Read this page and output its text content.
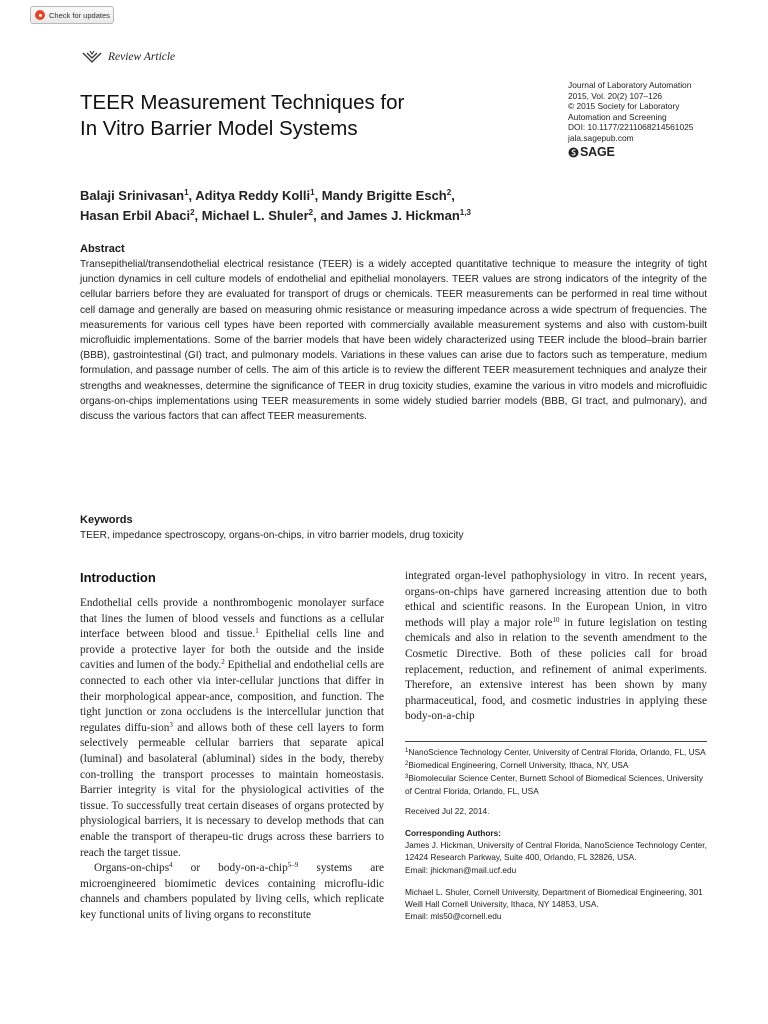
Check for updates
Review Article
TEER Measurement Techniques for
In Vitro Barrier Model Systems
Journal of Laboratory Automation
2015, Vol. 20(2) 107–126
© 2015 Society for Laboratory
Automation and Screening
DOI: 10.1177/2211068214561025
jala.sagepub.com
SAGE
Balaji Srinivasan$^1$, Aditya Reddy Kolli$^1$, Mandy Brigitte Esch$^2$,
Hasan Erbil Abaci$^2$, Michael L. Shuler$^2$, and James J. Hickman$^{1,3}$
Abstract
Transepithelial/transendothelial electrical resistance (TEER) is a widely accepted quantitative technique to measure the integrity of tight junction dynamics in cell culture models of endothelial and epithelial monolayers. TEER values are strong indicators of the integrity of the cellular barriers before they are evaluated for transport of drugs or chemicals. TEER measurements can be performed in real time without cell damage and generally are based on measuring ohmic resistance or measuring impedance across a wide spectrum of frequencies. The measurements for various cell types have been reported with commercially available measurement systems and also with custom-built microfluidic implementations. Some of the barrier models that have been widely characterized using TEER include the blood–brain barrier (BBB), gastrointestinal (GI) tract, and pulmonary models. Variations in these values can arise due to factors such as temperature, medium formulation, and passage number of cells. The aim of this article is to review the different TEER measurement techniques and analyze their strengths and weaknesses, determine the significance of TEER in drug toxicity studies, examine the various in vitro models and microfluidic organs-on-chips implementations using TEER measurements in some widely studied barrier models (BBB, GI tract, and pulmonary), and discuss the various factors that can affect TEER measurements.
Keywords
TEER, impedance spectroscopy, organs-on-chips, in vitro barrier models, drug toxicity
Introduction

Endothelial cells provide a nonthrombogenic monolayer surface that lines the lumen of blood vessels and functions as a cellular interface between blood and tissue.$^1$ Epithelial cells line and provide a protective layer for both the outside and the inside cavities and lumen of the body.$^2$ Epithelial and endothelial cells are connected to each other via inter-cellular junctions that differ in their morphological appear-ance, composition, and function. The tight junction or zona occludens is the intercellular junction that regulates diffu-sion$^3$ and allows both of these cell layers to form selectively permeable cellular barriers that separate apical (luminal) and basolateral (abluminal) sides in the body, thereby con-trolling the transport processes to maintain homeostasis. Barrier integrity is vital for the physiological activities of the tissue. To successfully treat certain diseases of organs protected by physiological barriers, it is necessary to develop methods that can enable the transport of therapeu-tic drugs across these barriers to reach the target tissue.

Organs-on-chips$^4$ or body-on-a-chip$^{5-9}$ systems are microengineered biomimetic devices containing microflu-idic channels and chambers populated by living cells, which replicate key functional units of living organs to reconstitute

integrated organ-level pathophysiology in vitro. In recent years, organs-on-chips have garnered increasing attention due to both ethical and scientific reasons. In the European Union, in vitro methods will play a major role$^{10}$ in future legislation on testing chemicals and also in relation to the seventh amendment to the Cosmetic Directive. Both of these policies call for broad replacement, reduction, and refinement of animal experiments. Therefore, an extensive interest has been shown by many pharmaceutical, food, and cosmetic industries in applying these body-on-a-chip

$^1$NanoScience Technology Center, University of Central Florida, Orlando, FL, USA
$^2$Biomedical Engineering, Cornell University, Ithaca, NY, USA
$^3$Biomolecular Science Center, Burnett School of Biomedical Sciences, University of Central Florida, Orlando, FL, USA
Received Jul 22, 2014.
Corresponding Authors:
James J. Hickman, University of Central Florida, NanoScience Technology Center, 12424 Research Parkway, Suite 400, Orlando, FL 32826, USA.
Email: jhickman@mail.ucf.edu
Michael L. Shuler, Cornell University, Department of Biomedical Engineering, 301 Weill Hall Cornell University, Ithaca, NY 14853, USA.
Email: mls50@cornell.edu
